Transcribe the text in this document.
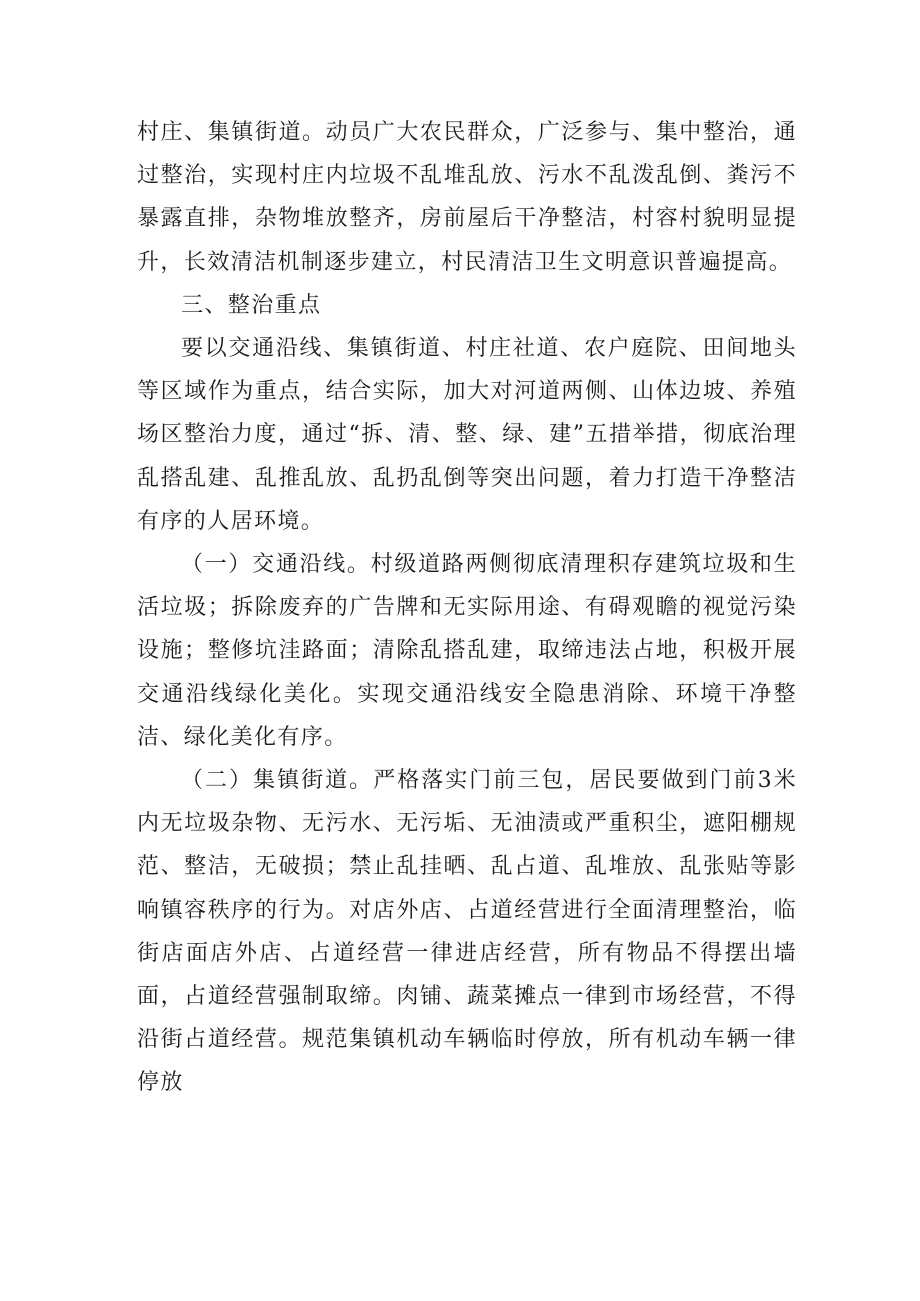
村庄、集镇街道。动员广大农民群众，广泛参与、集中整治，通过整治，实现村庄内垃圾不乱堆乱放、污水不乱泼乱倒、粪污不暴露直排，杂物堆放整齐，房前屋后干净整洁，村容村貌明显提升，长效清洁机制逐步建立，村民清洁卫生文明意识普遍提高。

三、整治重点

要以交通沿线、集镇街道、村庄社道、农户庭院、田间地头等区域作为重点，结合实际，加大对河道两侧、山体边坡、养殖场区整治力度，通过“拆、清、整、绿、建”五措举措，彻底治理乱搭乱建、乱推乱放、乱扔乱倒等突出问题，着力打造干净整洁有序的人居环境。

（一）交通沿线。村级道路两侧彻底清理积存建筑垃圾和生活垃圾；拆除废弃的广告牌和无实际用途、有碍观瞻的视觉污染设施；整修坑洼路面；清除乱搭乱建，取缔违法占地，积极开展交通沿线绿化美化。实现交通沿线安全隐患消除、环境干净整洁、绿化美化有序。

（二）集镇街道。严格落实门前三包，居民要做到门前3米内无垃圾杂物、无污水、无污垢、无油渍或严重积尘，遮阳棚规范、整洁，无破损；禁止乱挂晒、乱占道、乱堆放、乱张贴等影响镇容秩序的行为。对店外店、占道经营进行全面清理整治，临街店面店外店、占道经营一律进店经营，所有物品不得摆出墙面，占道经营强制取缔。肉铺、蔬菜摊点一律到市场经营，不得沿街占道经营。规范集镇机动车辆临时停放，所有机动车辆一律停放
